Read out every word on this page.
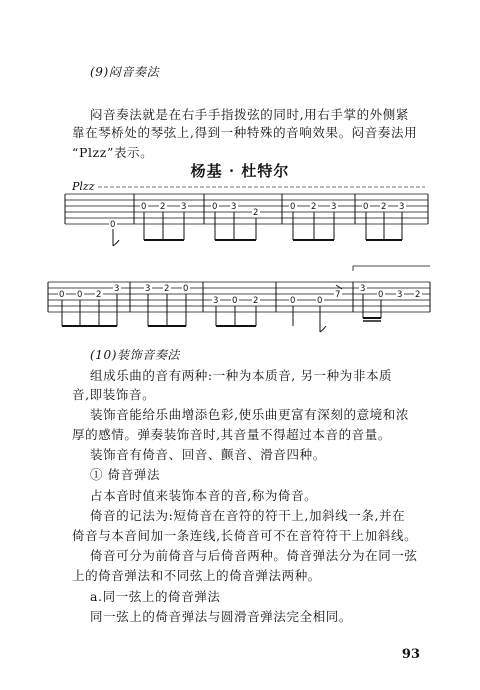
(9)闷音奏法
闷音奏法就是在右手手指拨弦的同时,用右手掌的外侧紧
靠在琴桥处的琴弦上,得到一种特殊的音响效果。闷音奏法用
“Plzz”表示。
杨基 · 杜特尔
Plzz
0
0 2 3	0 3
2
0 2 3	0 2 3
0 0 2
3	3 2 0
3 0 2	0	0
7
3
0 3 2
(10)装饰音奏法
组成乐曲的音有两种:一种为本质音, 另一种为非本质
音,即装饰音。
装饰音能给乐曲增添色彩,使乐曲更富有深刻的意境和浓
厚的感情。弹奏装饰音时,其音量不得超过本音的音量。
装饰音有倚音、回音、颤音、滑音四种。
① 倚音弹法
占本音时值来装饰本音的音,称为倚音。
倚音的记法为:短倚音在音符的符干上,加斜线一条,并在
倚音与本音间加一条连线,长倚音可不在音符符干上加斜线。
倚音可分为前倚音与后倚音两种。倚音弹法分为在同一弦
上的倚音弹法和不同弦上的倚音弹法两种。
a.同一弦上的倚音弹法
同一弦上的倚音弹法与圆滑音弹法完全相同。
93
